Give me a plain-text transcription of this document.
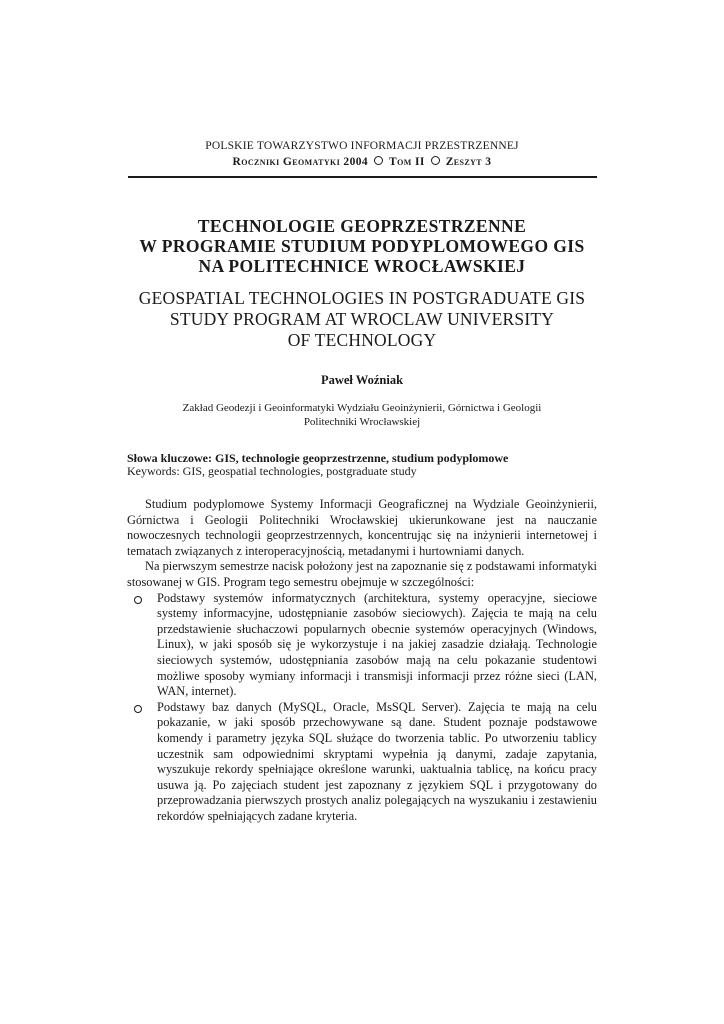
POLSKIE TOWARZYSTWO INFORMACJI PRZESTRZENNEJ
Roczniki Geomatyki 2004 Tom II Zeszyt 3
TECHNOLOGIE GEOPRZESTRZENNE
W PROGRAMIE STUDIUM PODYPLOMOWEGO GIS
NA POLITECHNICE WROCŁAWSKIEJ
GEOSPATIAL TECHNOLOGIES IN POSTGRADUATE GIS
STUDY PROGRAM AT WROCLAW UNIVERSITY
OF TECHNOLOGY
Paweł Woźniak
Zakład Geodezji i Geoinformatyki Wydziału Geoinżynierii, Górnictwa i Geologii
Politechniki Wrocławskiej
Słowa kluczowe: GIS, technologie geoprzestrzenne, studium podyplomowe
Keywords: GIS, geospatial technologies, postgraduate study

Studium podyplomowe Systemy Informacji Geograficznej na Wydziale Geoinżynierii, Górnictwa i Geologii Politechniki Wrocławskiej ukierunkowane jest na nauczanie nowoczesnych technologii geoprzestrzennych, koncentrując się na inżynierii internetowej i tematach związanych z interoperacyjnością, metadanymi i hurtowniami danych.

Na pierwszym semestrze nacisk położony jest na zapoznanie się z podstawami informatyki stosowanej w GIS. Program tego semestru obejmuje w szczególności:

Podstawy systemów informatycznych (architektura, systemy operacyjne, sieciowe systemy informacyjne, udostępnianie zasobów sieciowych). Zajęcia te mają na celu przedstawienie słuchaczowi popularnych obecnie systemów operacyjnych (Windows, Linux), w jaki sposób się je wykorzystuje i na jakiej zasadzie działają. Technologie sieciowych systemów, udostępniania zasobów mają na celu pokazanie studentowi możliwe sposoby wymiany informacji i transmisji informacji przez różne sieci (LAN, WAN, internet).
Podstawy baz danych (MySQL, Oracle, MsSQL Server). Zajęcia te mają na celu pokazanie, w jaki sposób przechowywane są dane. Student poznaje podstawowe komendy i parametry języka SQL służące do tworzenia tablic. Po utworzeniu tablicy uczestnik sam odpowiednimi skryptami wypełnia ją danymi, zadaje zapytania, wyszukuje rekordy spełniające określone warunki, uaktualnia tablicę, na końcu pracy usuwa ją. Po zajęciach student jest zapoznany z językiem SQL i przygotowany do przeprowadzania pierwszych prostych analiz polegających na wyszukaniu i zestawieniu rekordów spełniających zadane kryteria.
